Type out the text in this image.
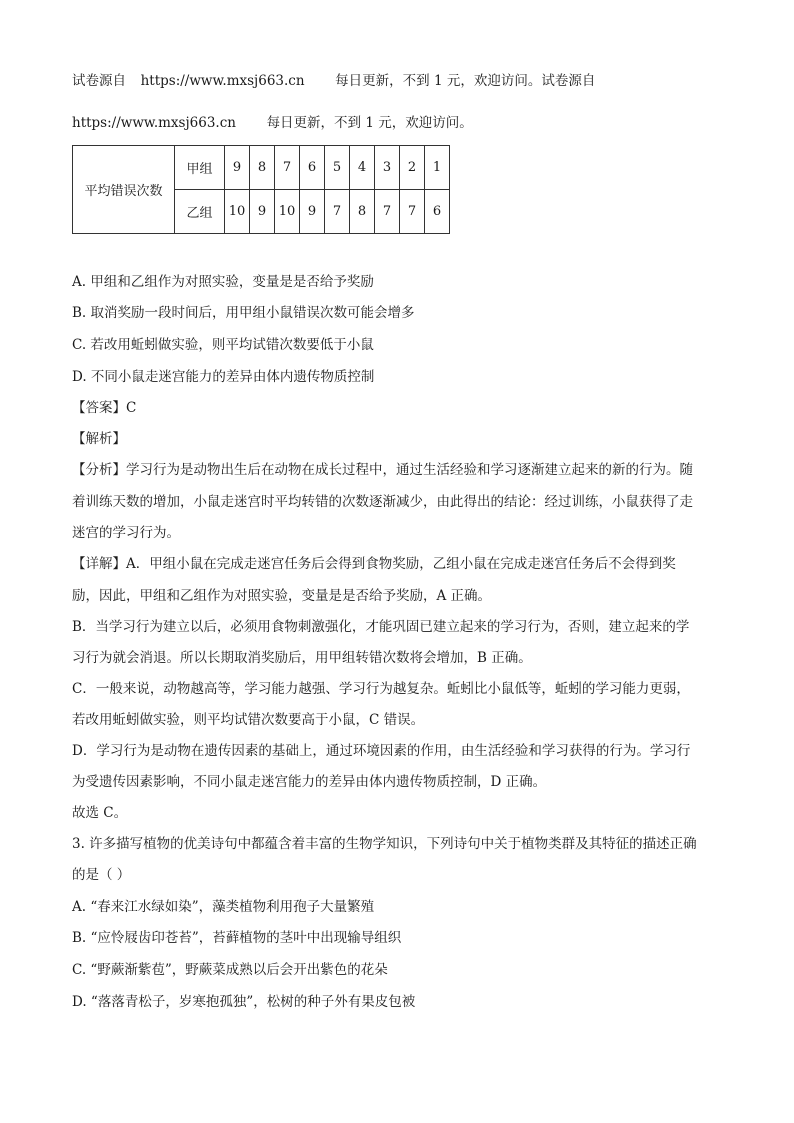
试卷源自 https://www.mxsj663.cn 每日更新，不到 1 元，欢迎访问。试卷源自
https://www.mxsj663.cn 每日更新，不到 1 元，欢迎访问。
平均错误次数	甲组	9	8	7	6	5	4	3	2	1
	乙组	10	9	10	9	7	8	7	7	6
A. 甲组和乙组作为对照实验，变量是是否给予奖励
B. 取消奖励一段时间后，用甲组小鼠错误次数可能会增多
C. 若改用蚯蚓做实验，则平均试错次数要低于小鼠
D. 不同小鼠走迷宫能力的差异由体内遗传物质控制
【答案】C
【解析】
【分析】学习行为是动物出生后在动物在成长过程中，通过生活经验和学习逐渐建立起来的新的行为。随
着训练天数的增加，小鼠走迷宫时平均转错的次数逐渐减少，由此得出的结论：经过训练，小鼠获得了走
迷宫的学习行为。
【详解】A．甲组小鼠在完成走迷宫任务后会得到食物奖励，乙组小鼠在完成走迷宫任务后不会得到奖
励，因此，甲组和乙组作为对照实验，变量是是否给予奖励，A 正确。
B．当学习行为建立以后，必须用食物刺激强化，才能巩固已建立起来的学习行为，否则，建立起来的学
习行为就会消退。所以长期取消奖励后，用甲组转错次数将会增加，B 正确。
C．一般来说，动物越高等，学习能力越强、学习行为越复杂。蚯蚓比小鼠低等，蚯蚓的学习能力更弱，
若改用蚯蚓做实验，则平均试错次数要高于小鼠，C 错误。
D．学习行为是动物在遗传因素的基础上，通过环境因素的作用，由生活经验和学习获得的行为。学习行
为受遗传因素影响，不同小鼠走迷宫能力的差异由体内遗传物质控制，D 正确。
故选 C。
3. 许多描写植物的优美诗句中都蕴含着丰富的生物学知识，下列诗句中关于植物类群及其特征的描述正确
的是（ ）
A. “春来江水绿如染”，藻类植物利用孢子大量繁殖
B. “应怜屐齿印苍苔”，苔藓植物的茎叶中出现输导组织
C. “野蕨渐紫苞”，野蕨菜成熟以后会开出紫色的花朵
D. “落落青松子，岁寒抱孤独”，松树的种子外有果皮包被
